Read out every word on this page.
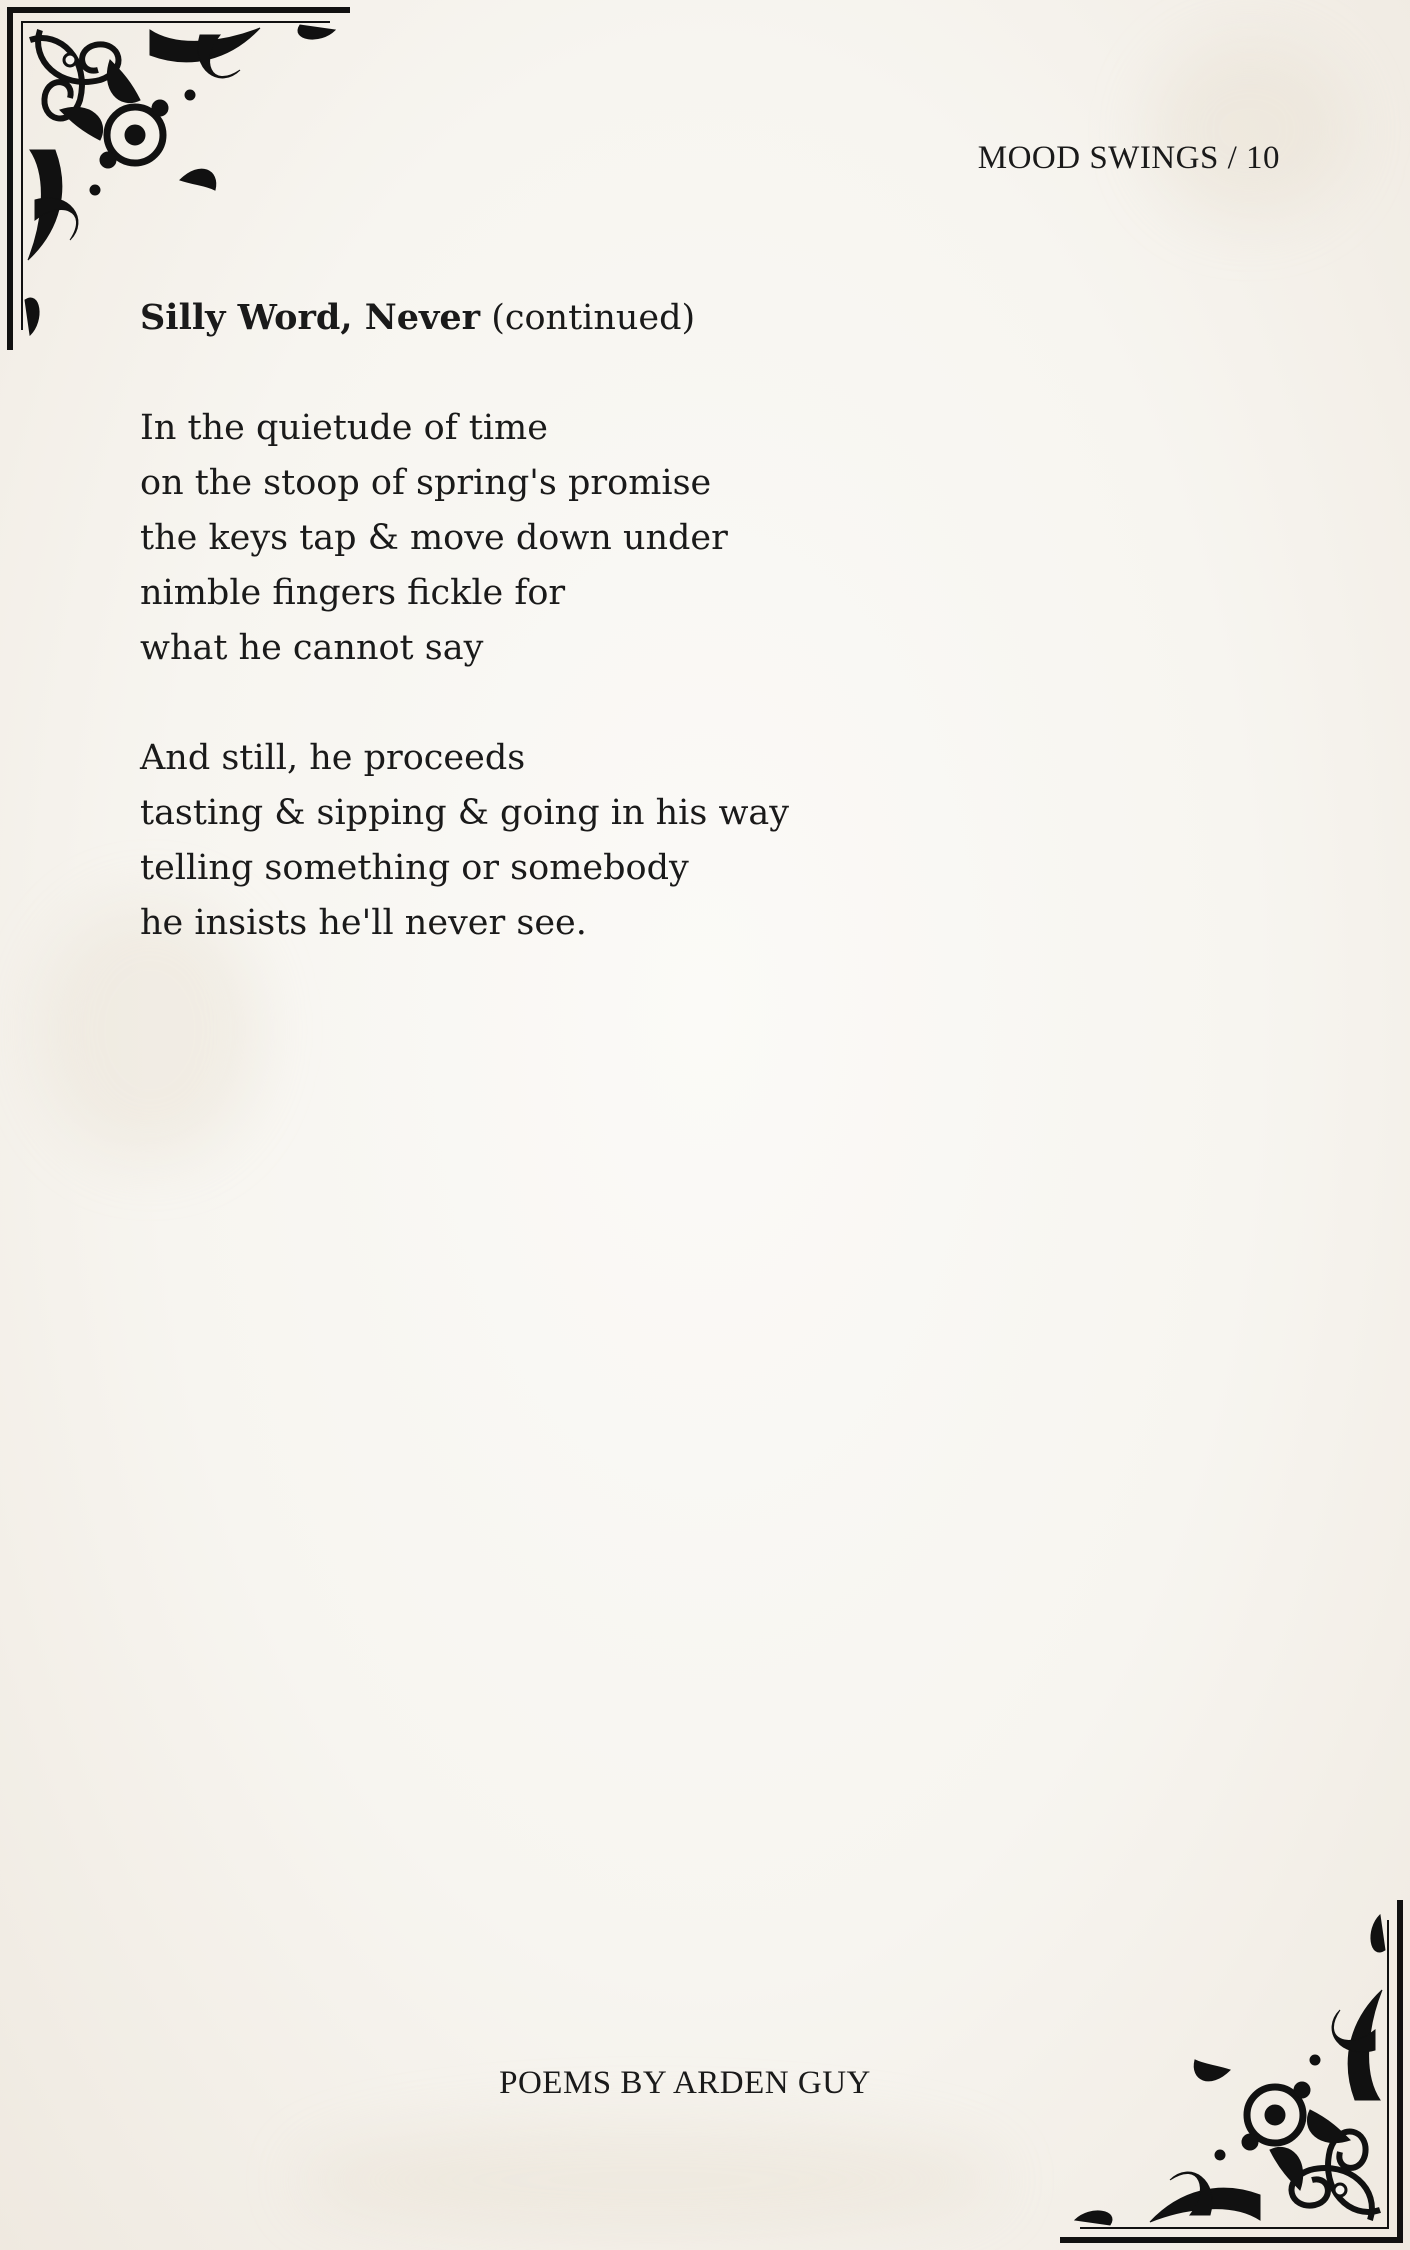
MOOD SWINGS / 10
Silly Word, Never (continued)
In the quietude of time
on the stoop of spring's promise
the keys tap & move down under
nimble fingers fickle for
what he cannot say
And still, he proceeds
tasting & sipping & going in his way
telling something or somebody
he insists he'll never see.
POEMS BY ARDEN GUY
